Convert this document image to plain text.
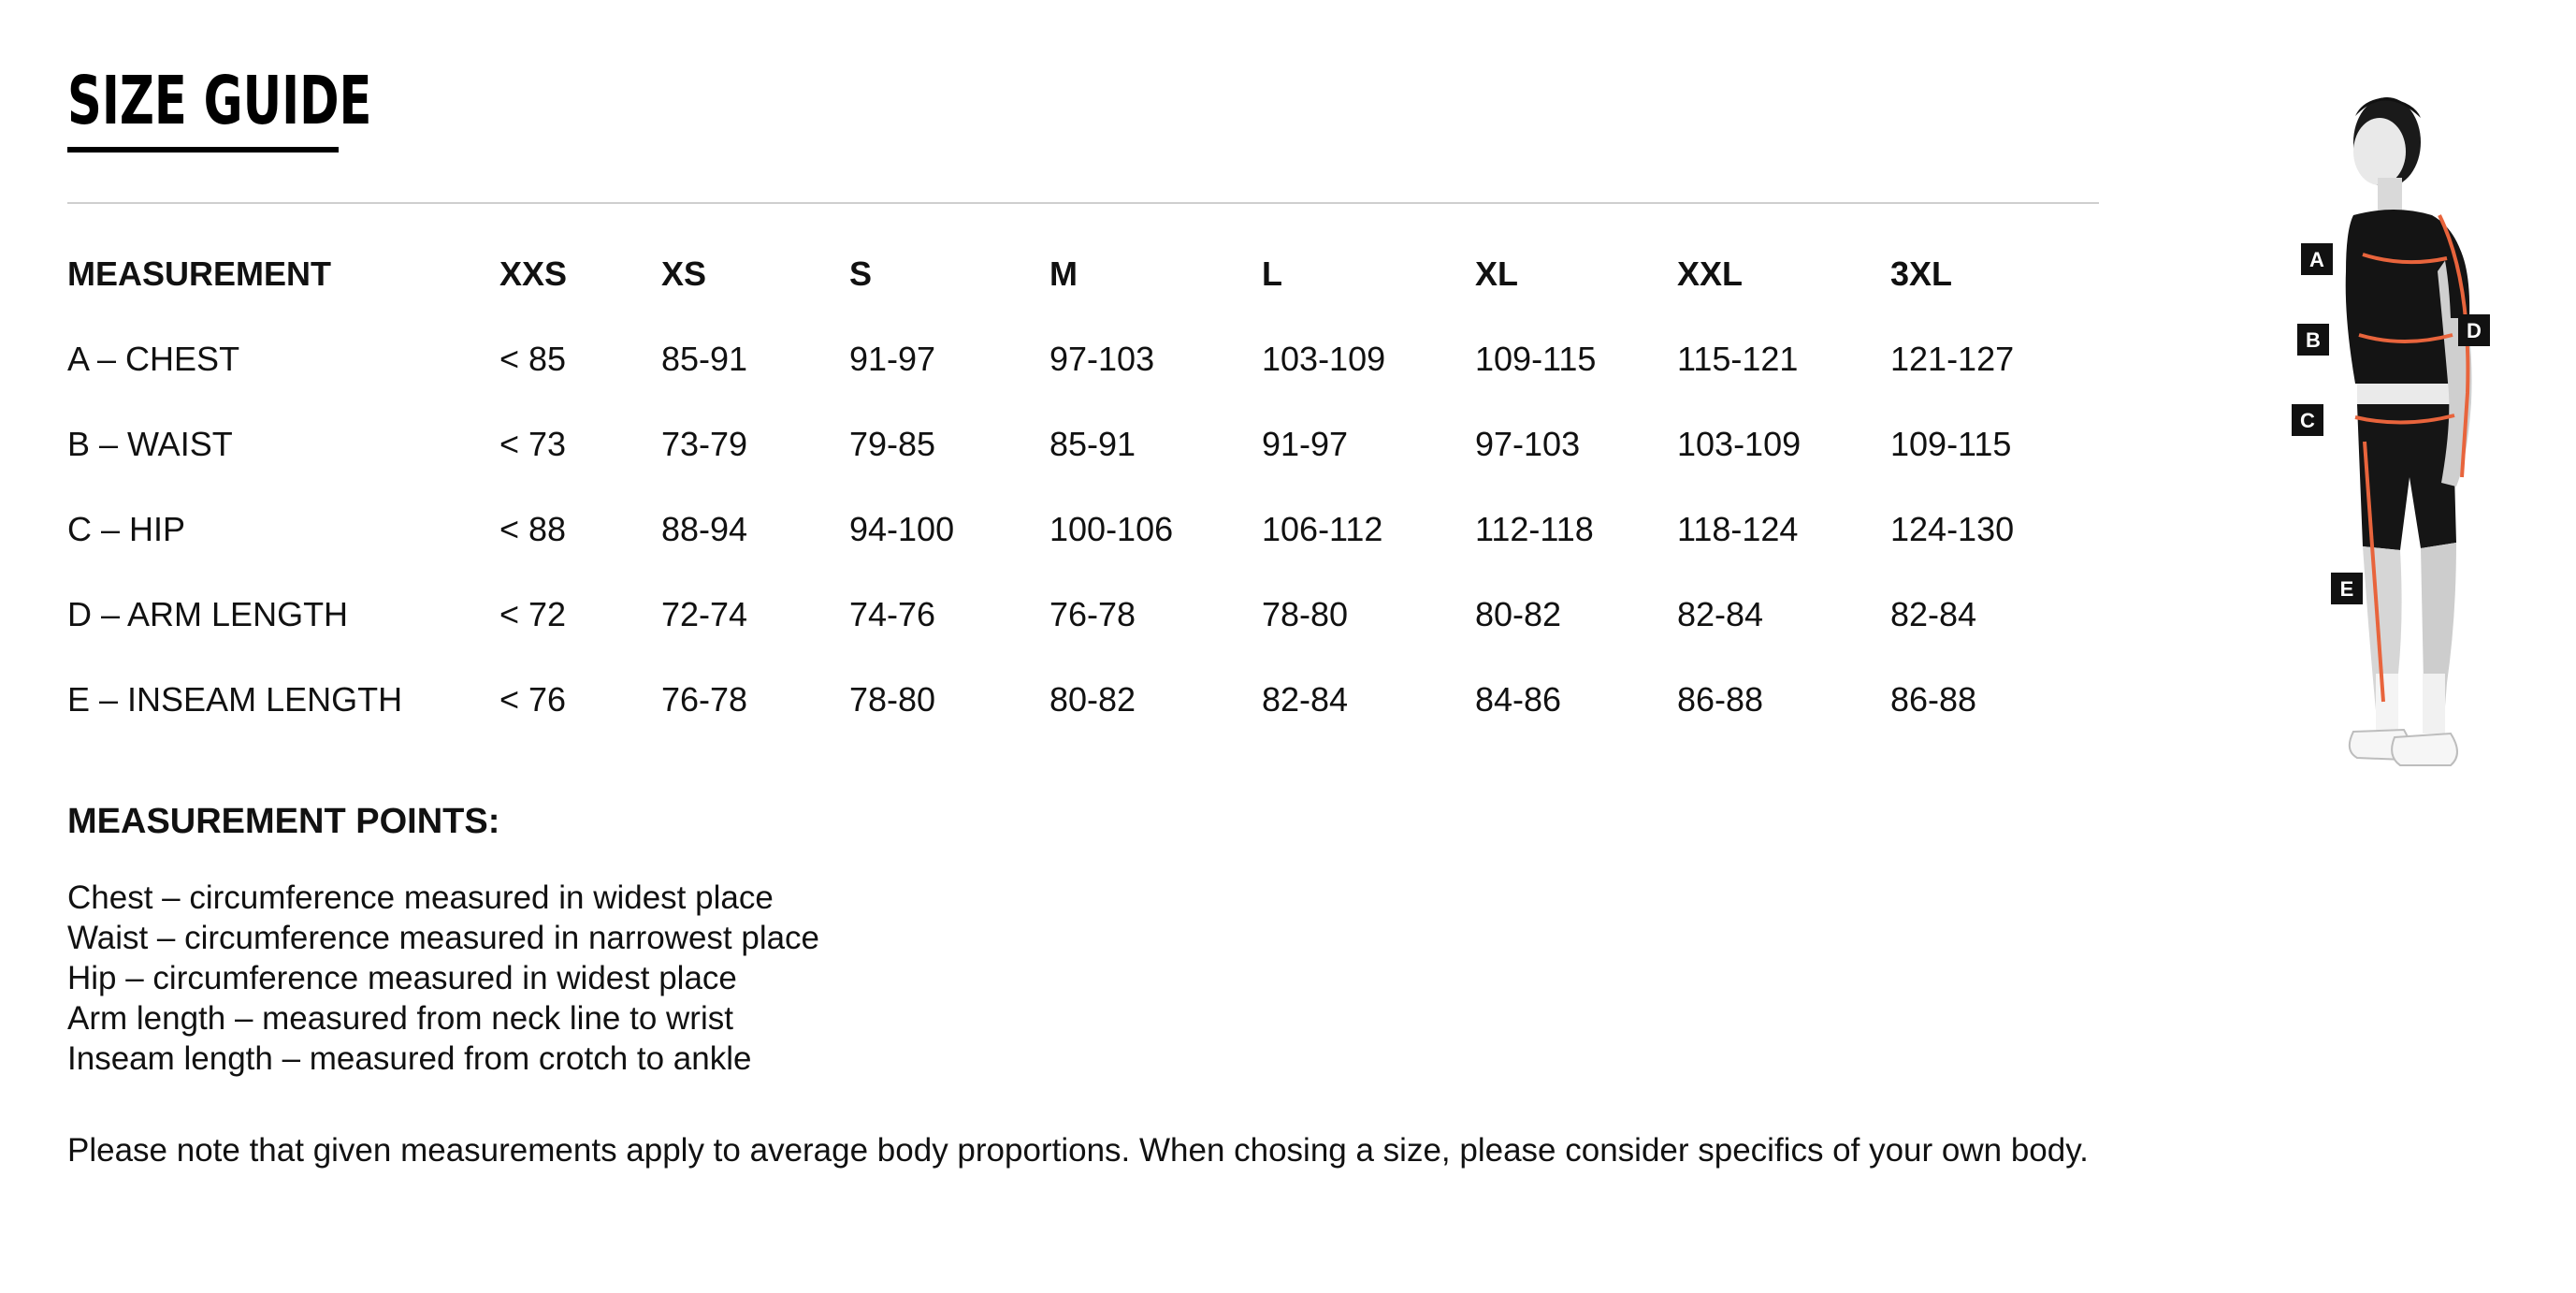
SIZE GUIDE
MEASUREMENT	XXS	XS	S	M	L	XL	XXL	3XL
A – CHEST	< 85	85-91	91-97	97-103	103-109	109-115	115-121	121-127
B – WAIST	< 73	73-79	79-85	85-91	91-97	97-103	103-109	109-115
C – HIP	< 88	88-94	94-100	100-106	106-112	112-118	118-124	124-130
D – ARM LENGTH	< 72	72-74	74-76	76-78	78-80	80-82	82-84	82-84
E – INSEAM LENGTH	< 76	76-78	78-80	80-82	82-84	84-86	86-88	86-88
MEASUREMENT POINTS:
Chest – circumference measured in widest place
Waist – circumference measured in narrowest place
Hip – circumference measured in widest place
Arm length – measured from neck line to wrist
Inseam length – measured from crotch to ankle

Please note that given measurements apply to average body proportions. When chosing a size, please consider specifics of your own body.

A
B
C
D
E
